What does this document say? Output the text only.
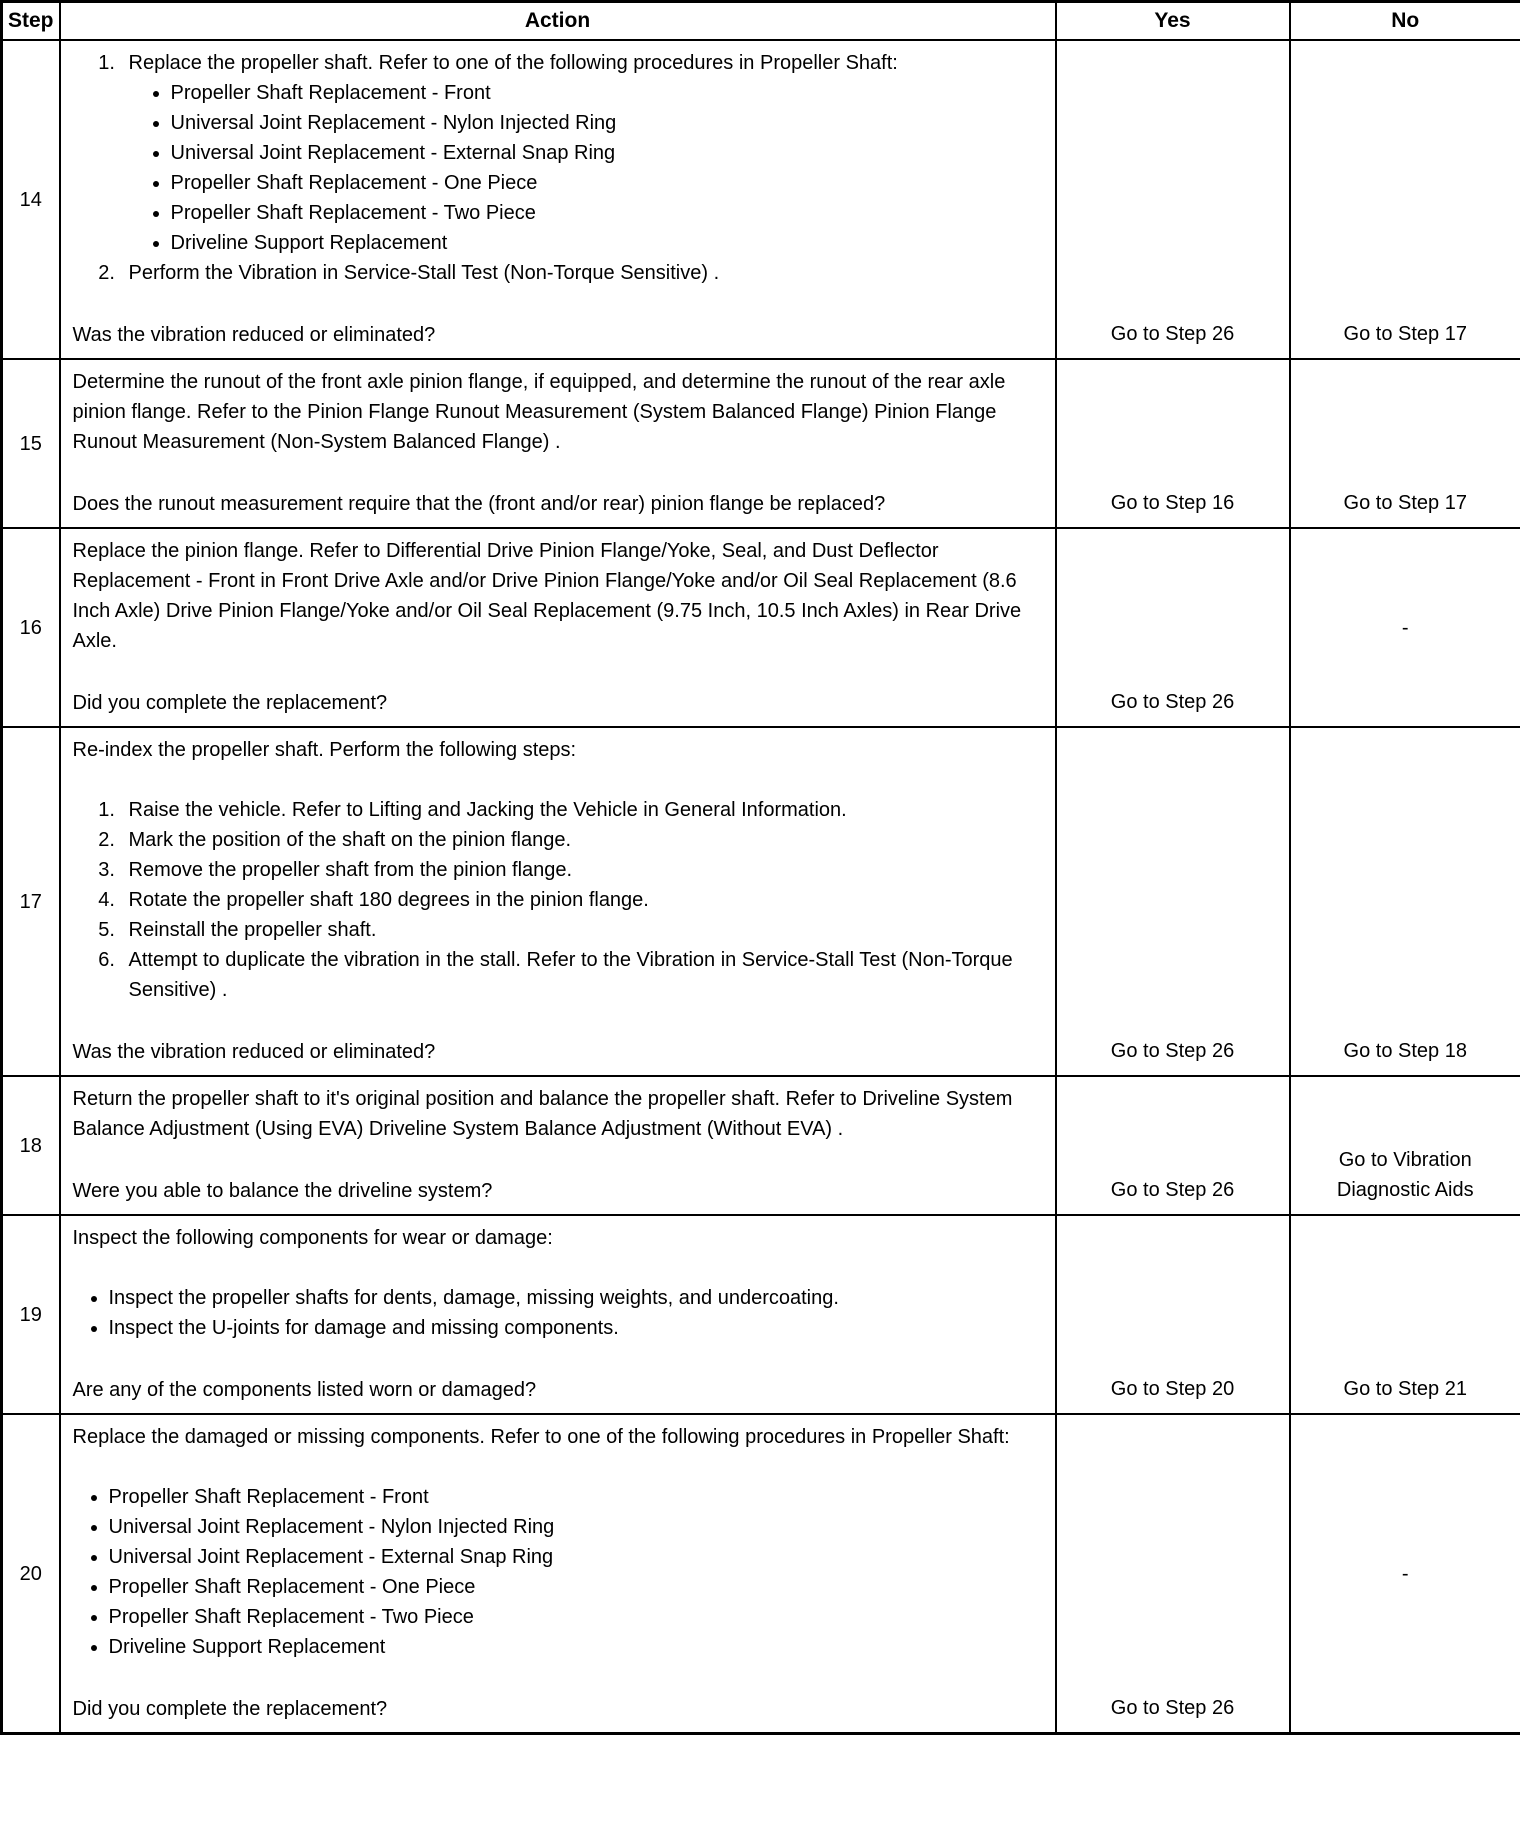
Step	Action	Yes	No
14	
1. Replace the propeller shaft. Refer to one of the following procedures in Propeller Shaft:
• Propeller Shaft Replacement - Front
• Universal Joint Replacement - Nylon Injected Ring
• Universal Joint Replacement - External Snap Ring
• Propeller Shaft Replacement - One Piece
• Propeller Shaft Replacement - Two Piece
• Driveline Support Replacement
2. Perform the Vibration in Service-Stall Test (Non-Torque Sensitive) .

Was the vibration reduced or eliminated?	Go to Step 26	Go to Step 17
15	Determine the runout of the front axle pinion flange, if equipped, and determine the runout of the rear axle pinion flange. Refer to the Pinion Flange Runout Measurement (System Balanced Flange) Pinion Flange Runout Measurement (Non-System Balanced Flange) .

Does the runout measurement require that the (front and/or rear) pinion flange be replaced?	Go to Step 16	Go to Step 17
16	Replace the pinion flange. Refer to Differential Drive Pinion Flange/Yoke, Seal, and Dust Deflector Replacement - Front in Front Drive Axle and/or Drive Pinion Flange/Yoke and/or Oil Seal Replacement (8.6 Inch Axle) Drive Pinion Flange/Yoke and/or Oil Seal Replacement (9.75 Inch, 10.5 Inch Axles) in Rear Drive Axle.

Did you complete the replacement?	Go to Step 26	-
17	

Re-index the propeller shaft. Perform the following steps:

1. Raise the vehicle. Refer to Lifting and Jacking the Vehicle in General Information.
2. Mark the position of the shaft on the pinion flange.
3. Remove the propeller shaft from the pinion flange.
4. Rotate the propeller shaft 180 degrees in the pinion flange.
5. Reinstall the propeller shaft.
6. Attempt to duplicate the vibration in the stall. Refer to the Vibration in Service-Stall Test (Non-Torque Sensitive) .

Was the vibration reduced or eliminated?	Go to Step 26	Go to Step 18
18	Return the propeller shaft to it's original position and balance the propeller shaft. Refer to Driveline System Balance Adjustment (Using EVA) Driveline System Balance Adjustment (Without EVA) .

Were you able to balance the driveline system?	Go to Step 26	Go to Vibration Diagnostic Aids
19	

Inspect the following components for wear or damage:

• Inspect the propeller shafts for dents, damage, missing weights, and undercoating.
• Inspect the U-joints for damage and missing components.

Are any of the components listed worn or damaged?	Go to Step 20	Go to Step 21
20	

Replace the damaged or missing components. Refer to one of the following procedures in Propeller Shaft:

• Propeller Shaft Replacement - Front
• Universal Joint Replacement - Nylon Injected Ring
• Universal Joint Replacement - External Snap Ring
• Propeller Shaft Replacement - One Piece
• Propeller Shaft Replacement - Two Piece
• Driveline Support Replacement

Did you complete the replacement?	Go to Step 26	-
